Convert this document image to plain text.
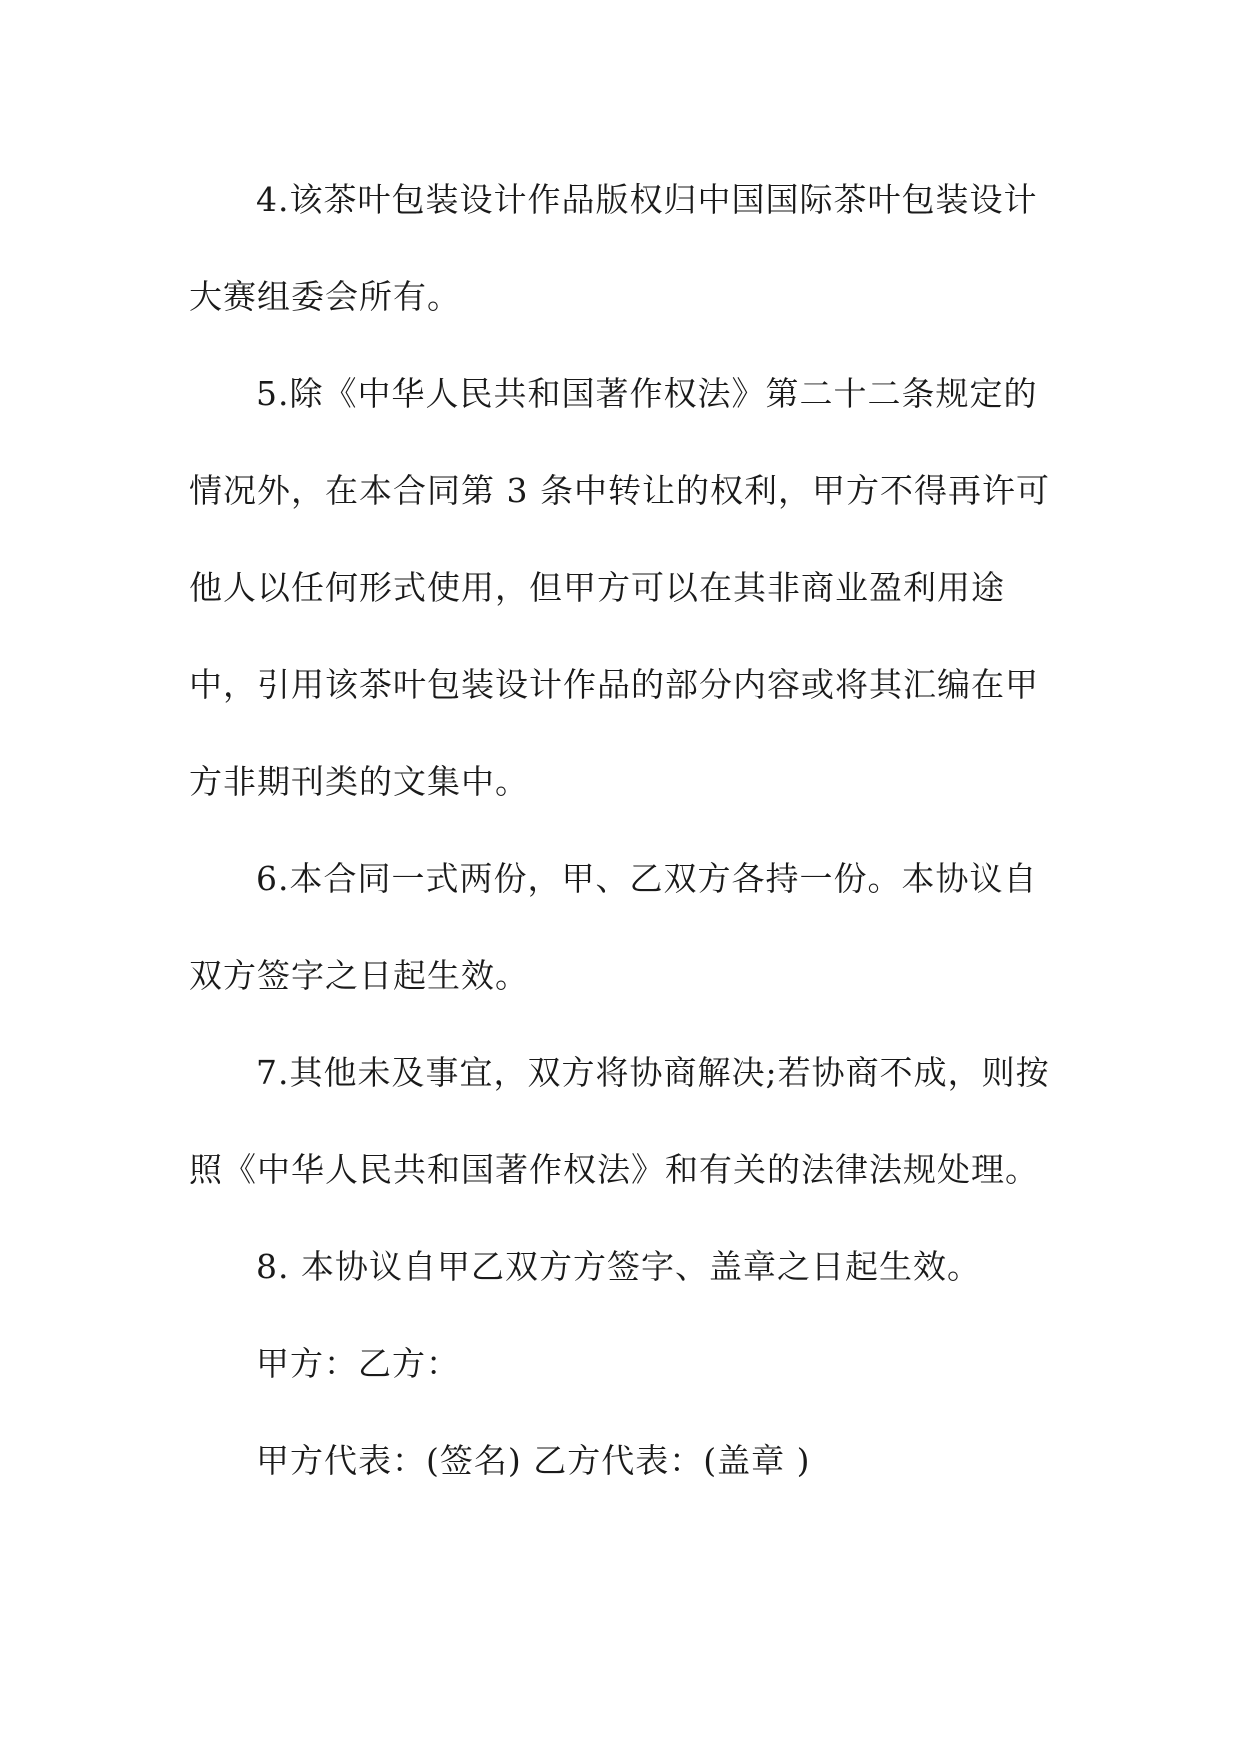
4.该茶叶包装设计作品版权归中国国际茶叶包装设计
大赛组委会所有。
5.除《中华人民共和国著作权法》第二十二条规定的
情况外，在本合同第 3 条中转让的权利，甲方不得再许可
他人以任何形式使用，但甲方可以在其非商业盈利用途
中，引用该茶叶包装设计作品的部分内容或将其汇编在甲
方非期刊类的文集中。
6.本合同一式两份，甲、乙双方各持一份。本协议自
双方签字之日起生效。
7.其他未及事宜，双方将协商解决;若协商不成，则按
照《中华人民共和国著作权法》和有关的法律法规处理。
8. 本协议自甲乙双方方签字、盖章之日起生效。
甲方：乙方：
甲方代表：(签名) 乙方代表：(盖章 )
